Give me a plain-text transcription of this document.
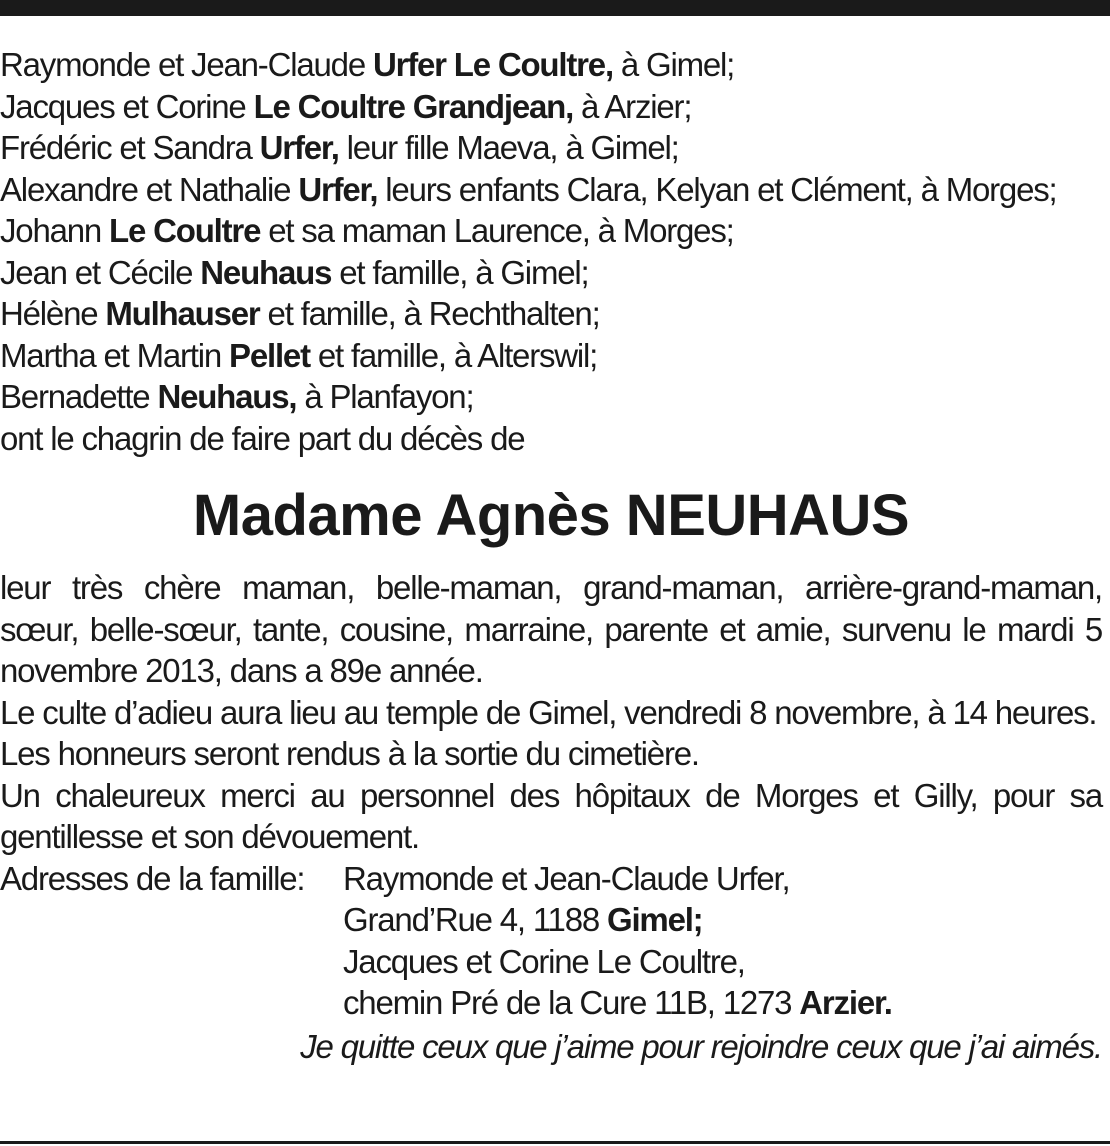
Raymonde et Jean-Claude Urfer Le Coultre, à Gimel;
Jacques et Corine Le Coultre Grandjean, à Arzier;
Frédéric et Sandra Urfer, leur fille Maeva, à Gimel;
Alexandre et Nathalie Urfer, leurs enfants Clara, Kelyan et Clément, à Morges;
Johann Le Coultre et sa maman Laurence, à Morges;
Jean et Cécile Neuhaus et famille, à Gimel;
Hélène Mulhauser et famille, à Rechthalten;
Martha et Martin Pellet et famille, à Alterswil;
Bernadette Neuhaus, à Planfayon;
ont le chagrin de faire part du décès de
Madame Agnès NEUHAUS
leur très chère maman, belle-maman, grand-maman, arrière-grand-maman, sœur, belle-sœur, tante, cousine, marraine, parente et amie, survenu le mardi 5 novembre 2013, dans a 89e année.
Le culte d’adieu aura lieu au temple de Gimel, vendredi 8 novembre, à 14 heures.
Les honneurs seront rendus à la sortie du cimetière.
Un chaleureux merci au personnel des hôpitaux de Morges et Gilly, pour sa gentillesse et son dévouement.
Adresses de la famille: Raymonde et Jean-Claude Urfer,
Grand’Rue 4, 1188 Gimel;
Jacques et Corine Le Coultre,
chemin Pré de la Cure 11B, 1273 Arzier.
Je quitte ceux que j’aime pour rejoindre ceux que j’ai aimés.
